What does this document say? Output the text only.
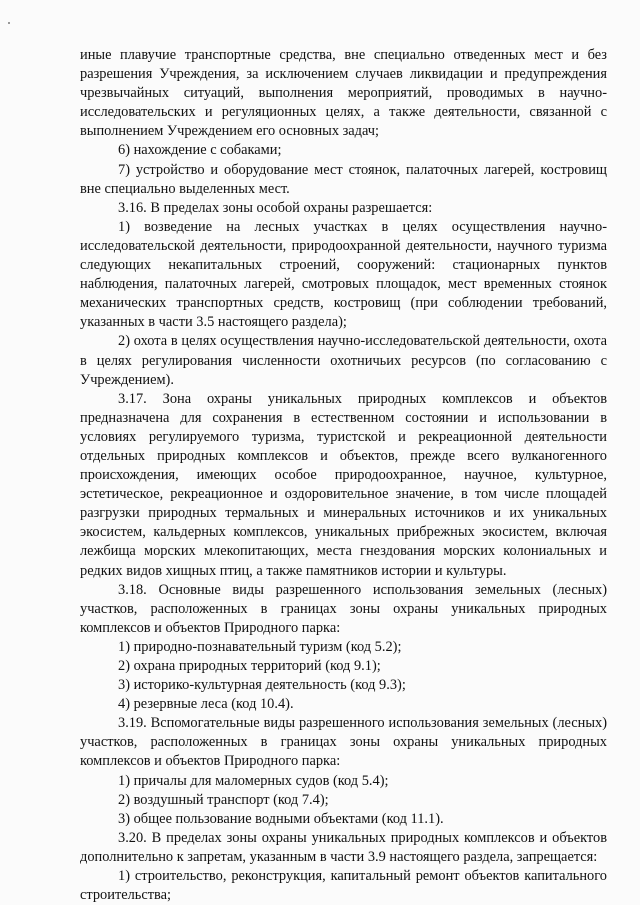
иные плавучие транспортные средства, вне специально отведенных мест и без разрешения Учреждения, за исключением случаев ликвидации и предупреждения чрезвычайных ситуаций, выполнения мероприятий, проводимых в научно-исследовательских и регуляционных целях, а также деятельности, связанной с выполнением Учреждением его основных задач;

6) нахождение с собаками;

7) устройство и оборудование мест стоянок, палаточных лагерей, костровищ вне специально выделенных мест.

3.16. В пределах зоны особой охраны разрешается:

1) возведение на лесных участках в целях осуществления научно-исследовательской деятельности, природоохранной деятельности, научного туризма следующих некапитальных строений, сооружений: стационарных пунктов наблюдения, палаточных лагерей, смотровых площадок, мест временных стоянок механических транспортных средств, костровищ (при соблюдении требований, указанных в части 3.5 настоящего раздела);

2) охота в целях осуществления научно-исследовательской деятельности, охота в целях регулирования численности охотничьих ресурсов (по согласованию с Учреждением).

3.17. Зона охраны уникальных природных комплексов и объектов предназначена для сохранения в естественном состоянии и использовании в условиях регулируемого туризма, туристской и рекреационной деятельности отдельных природных комплексов и объектов, прежде всего вулканогенного происхождения, имеющих особое природоохранное, научное, культурное, эстетическое, рекреационное и оздоровительное значение, в том числе площадей разгрузки природных термальных и минеральных источников и их уникальных экосистем, кальдерных комплексов, уникальных прибрежных экосистем, включая лежбища морских млекопитающих, места гнездования морских колониальных и редких видов хищных птиц, а также памятников истории и культуры.

3.18. Основные виды разрешенного использования земельных (лесных) участков, расположенных в границах зоны охраны уникальных природных комплексов и объектов Природного парка:

1) природно-познавательный туризм (код 5.2);

2) охрана природных территорий (код 9.1);

3) историко-культурная деятельность (код 9.3);

4) резервные леса (код 10.4).

3.19. Вспомогательные виды разрешенного использования земельных (лесных) участков, расположенных в границах зоны охраны уникальных природных комплексов и объектов Природного парка:

1) причалы для маломерных судов (код 5.4);

2) воздушный транспорт (код 7.4);

3) общее пользование водными объектами (код 11.1).

3.20. В пределах зоны охраны уникальных природных комплексов и объектов дополнительно к запретам, указанным в части 3.9 настоящего раздела, запрещается:

1) строительство, реконструкция, капитальный ремонт объектов капитального строительства;
